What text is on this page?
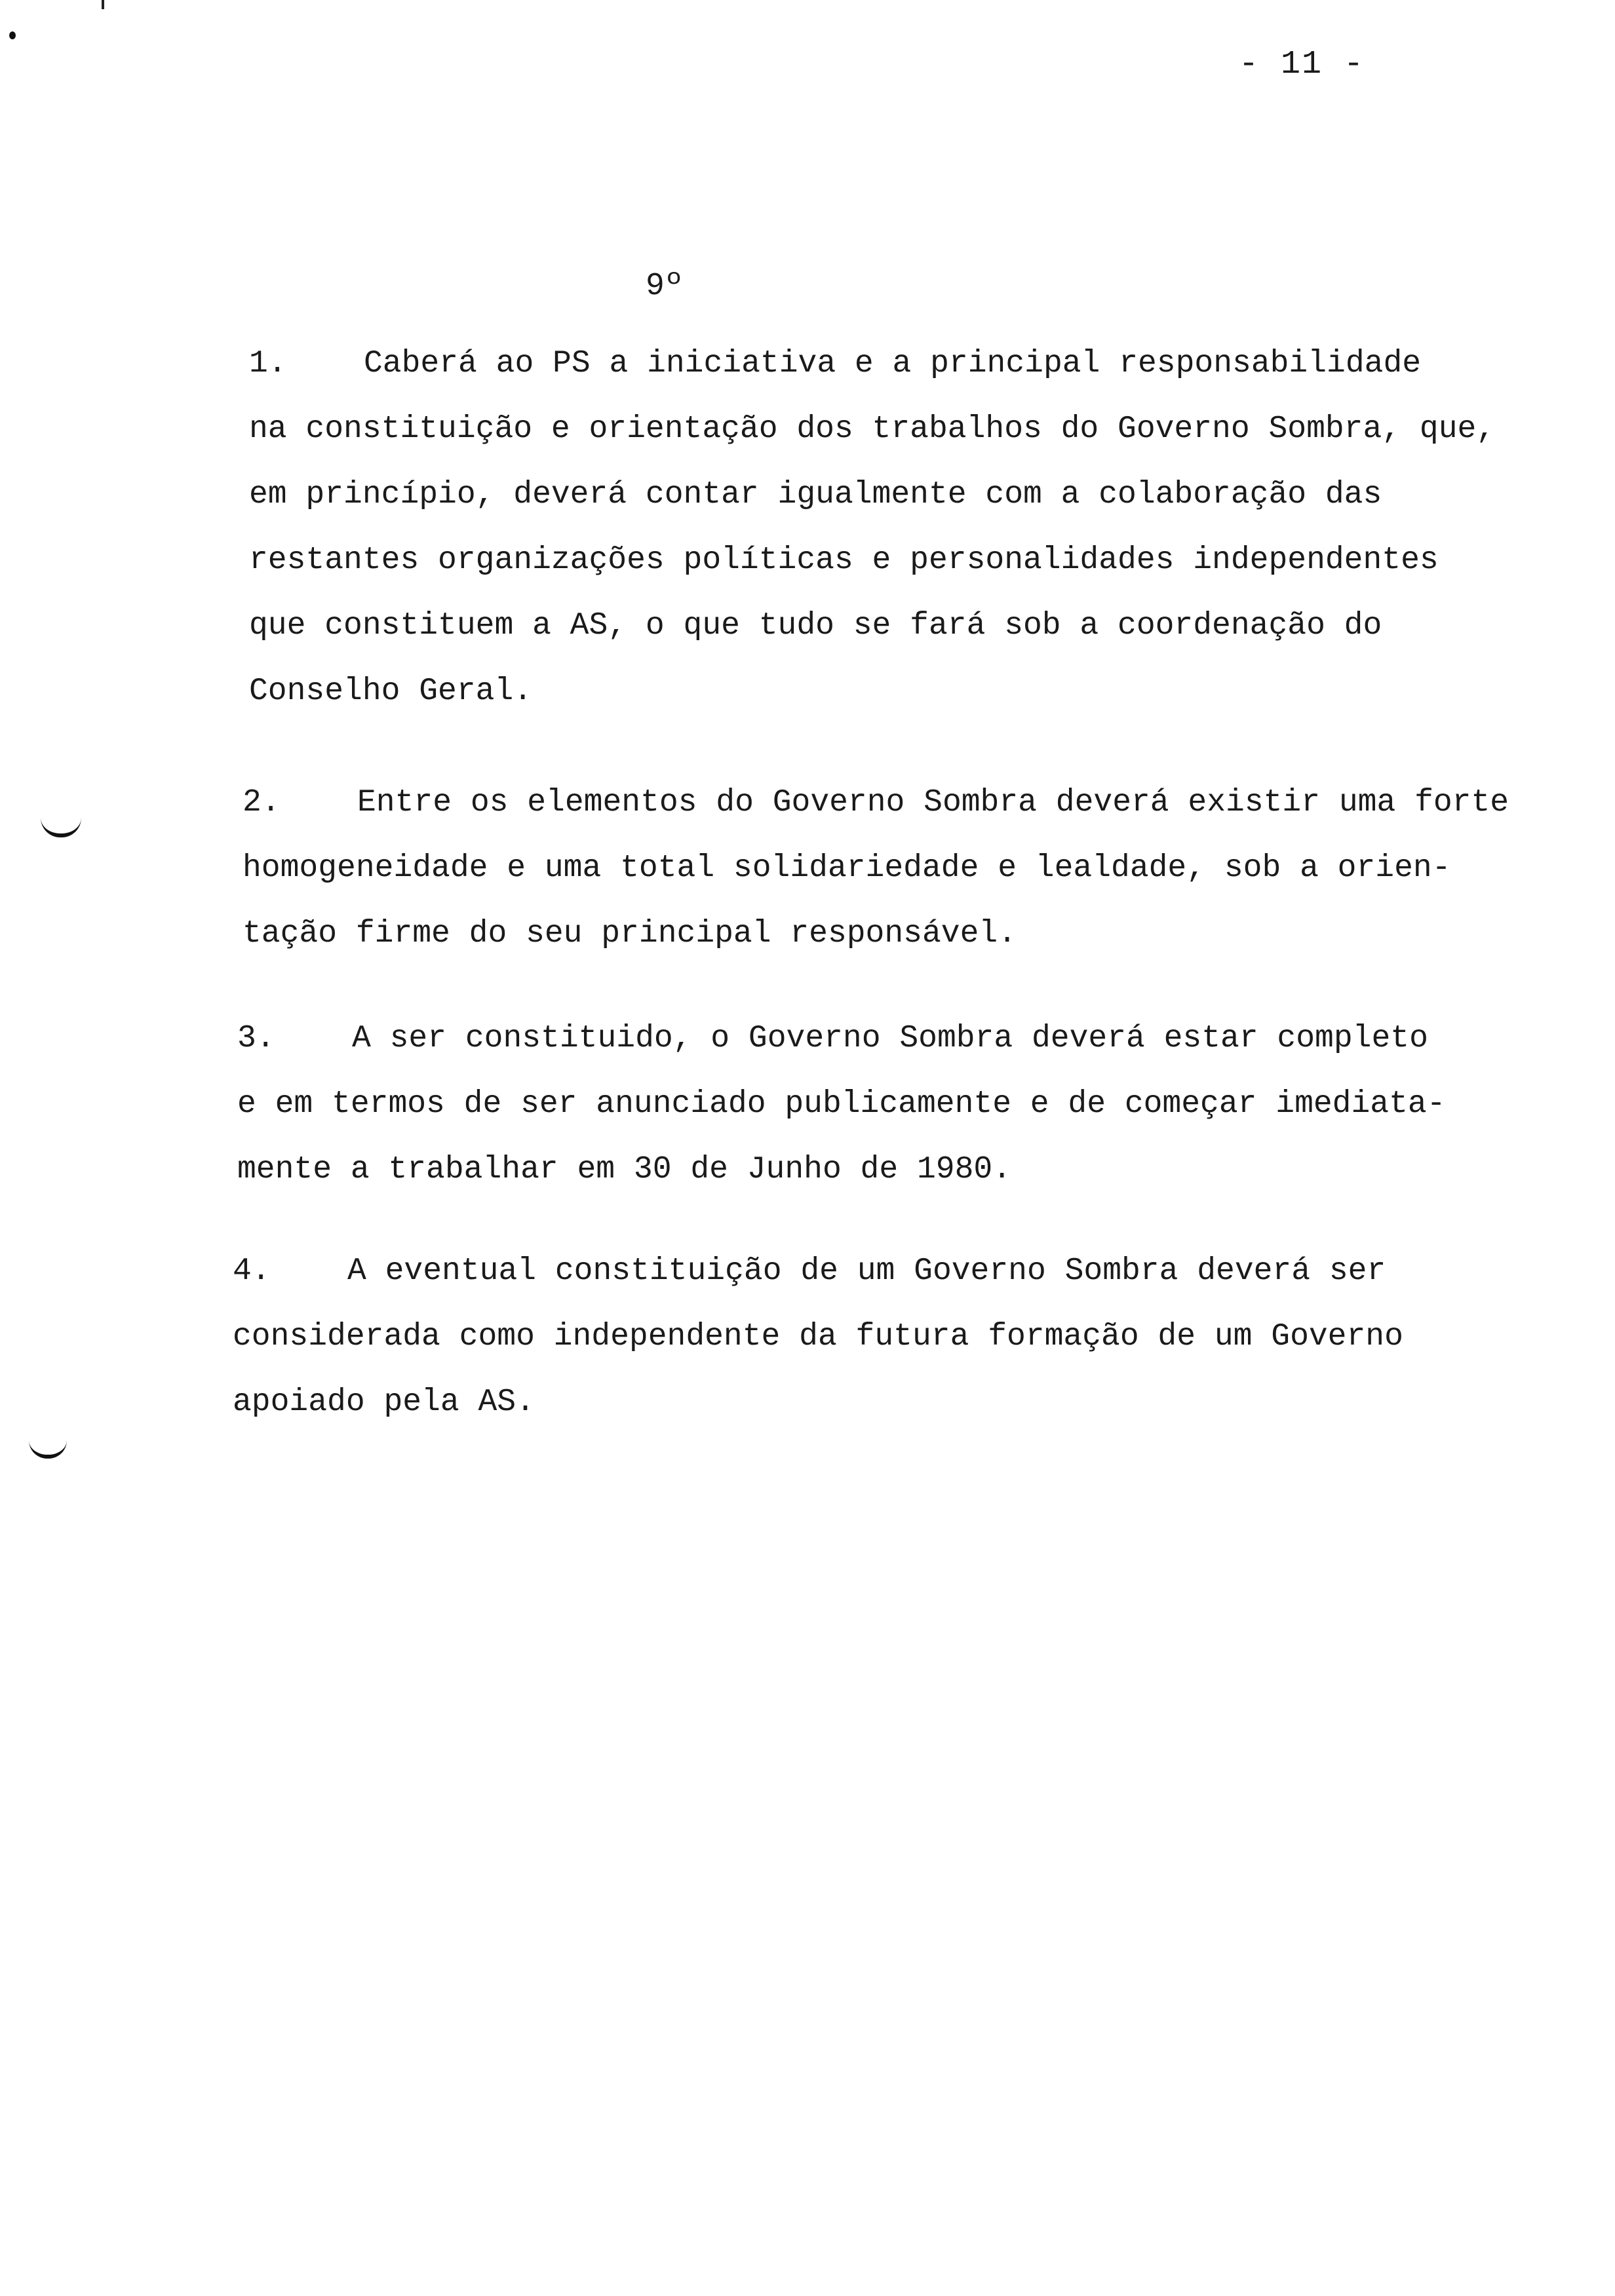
- 11 -
9º
1. Caberá ao PS a iniciativa e a principal responsabilidade
na constituição e orientação dos trabalhos do Governo Sombra, que,
em princípio, deverá contar igualmente com a colaboração das
restantes organizações políticas e personalidades independentes
que constituem a AS, o que tudo se fará sob a coordenação do
Conselho Geral.
2. Entre os elementos do Governo Sombra deverá existir uma forte
homogeneidade e uma total solidariedade e lealdade, sob a orien-
tação firme do seu principal responsável.
3. A ser constituido, o Governo Sombra deverá estar completo
e em termos de ser anunciado publicamente e de começar imediata-
mente a trabalhar em 30 de Junho de 1980.
4. A eventual constituição de um Governo Sombra deverá ser
considerada como independente da futura formação de um Governo
apoiado pela AS.
